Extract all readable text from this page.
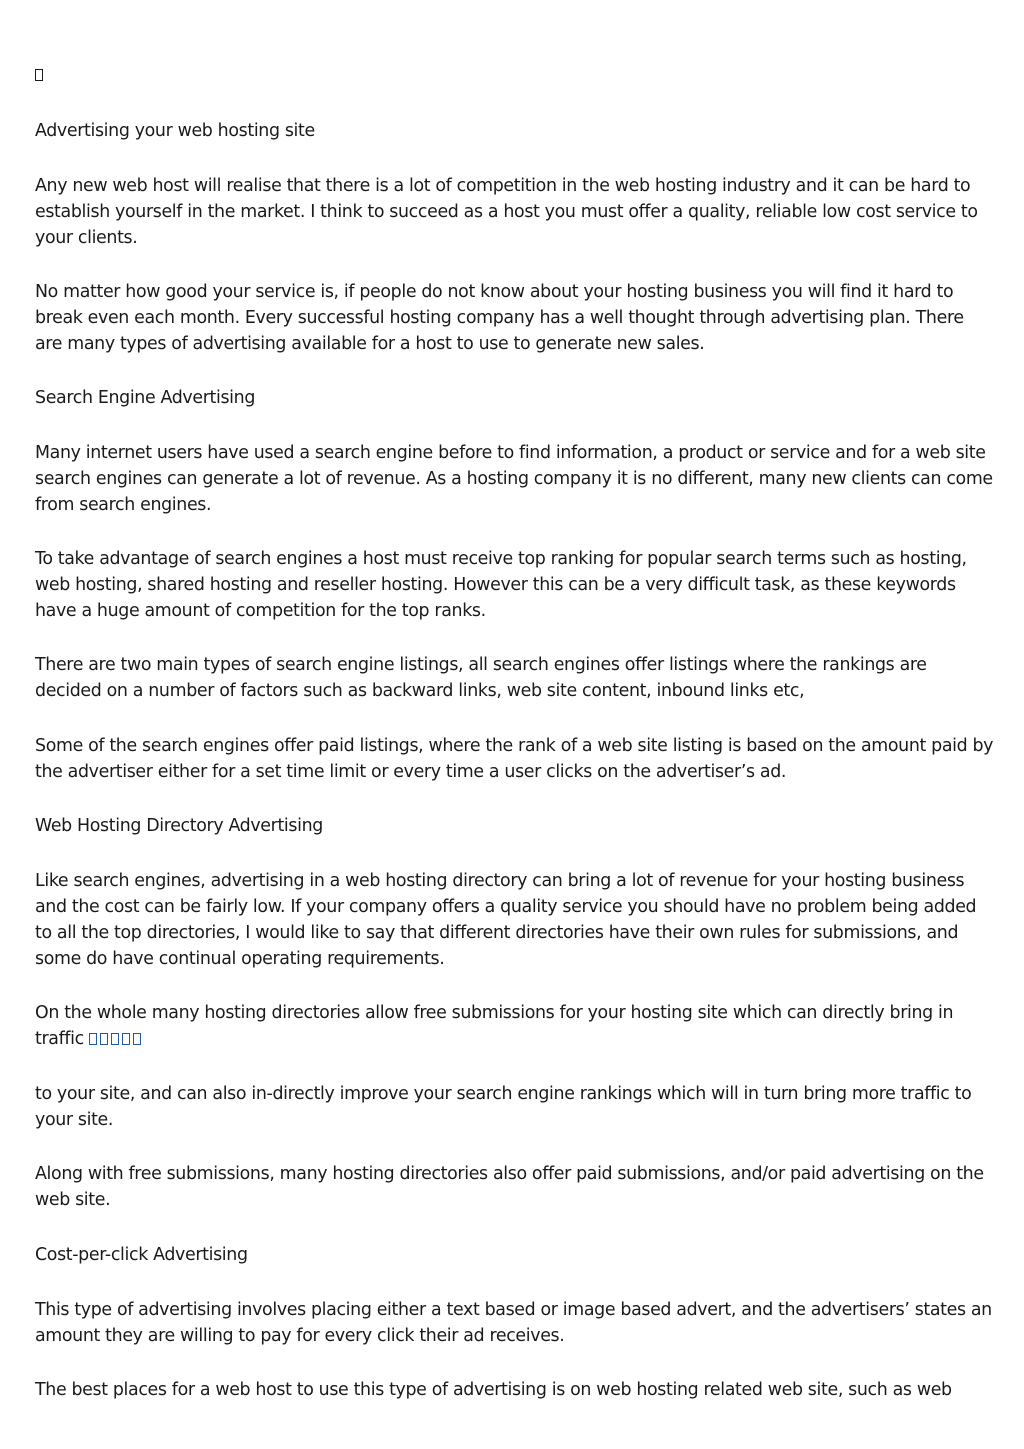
Advertising your web hosting site

Any new web host will realise that there is a lot of competition in the web hosting industry and it can be hard to establish yourself in the market. I think to succeed as a host you must offer a quality, reliable low cost service to your clients.

No matter how good your service is, if people do not know about your hosting business you will find it hard to break even each month. Every successful hosting company has a well thought through advertising plan. There are many types of advertising available for a host to use to generate new sales.

Search Engine Advertising

Many internet users have used a search engine before to find information, a product or service and for a web site search engines can generate a lot of revenue. As a hosting company it is no different, many new clients can come from search engines.

To take advantage of search engines a host must receive top ranking for popular search terms such as hosting, web hosting, shared hosting and reseller hosting. However this can be a very difficult task, as these keywords have a huge amount of competition for the top ranks.

There are two main types of search engine listings, all search engines offer listings where the rankings are decided on a number of factors such as backward links, web site content, inbound links etc,

Some of the search engines offer paid listings, where the rank of a web site listing is based on the amount paid by the advertiser either for a set time limit or every time a user clicks on the advertiser’s ad.

Web Hosting Directory Advertising

Like search engines, advertising in a web hosting directory can bring a lot of revenue for your hosting business and the cost can be fairly low. If your company offers a quality service you should have no problem being added to all the top directories, I would like to say that different directories have their own rules for submissions, and some do have continual operating requirements.

On the whole many hosting directories allow free submissions for your hosting site which can directly bring in traffic

to your site, and can also in-directly improve your search engine rankings which will in turn bring more traffic to your site.

Along with free submissions, many hosting directories also offer paid submissions, and/or paid advertising on the web site.

Cost-per-click Advertising

This type of advertising involves placing either a text based or image based advert, and the advertisers’ states an amount they are willing to pay for every click their ad receives.

The best places for a web host to use this type of advertising is on web hosting related web site, such as web
